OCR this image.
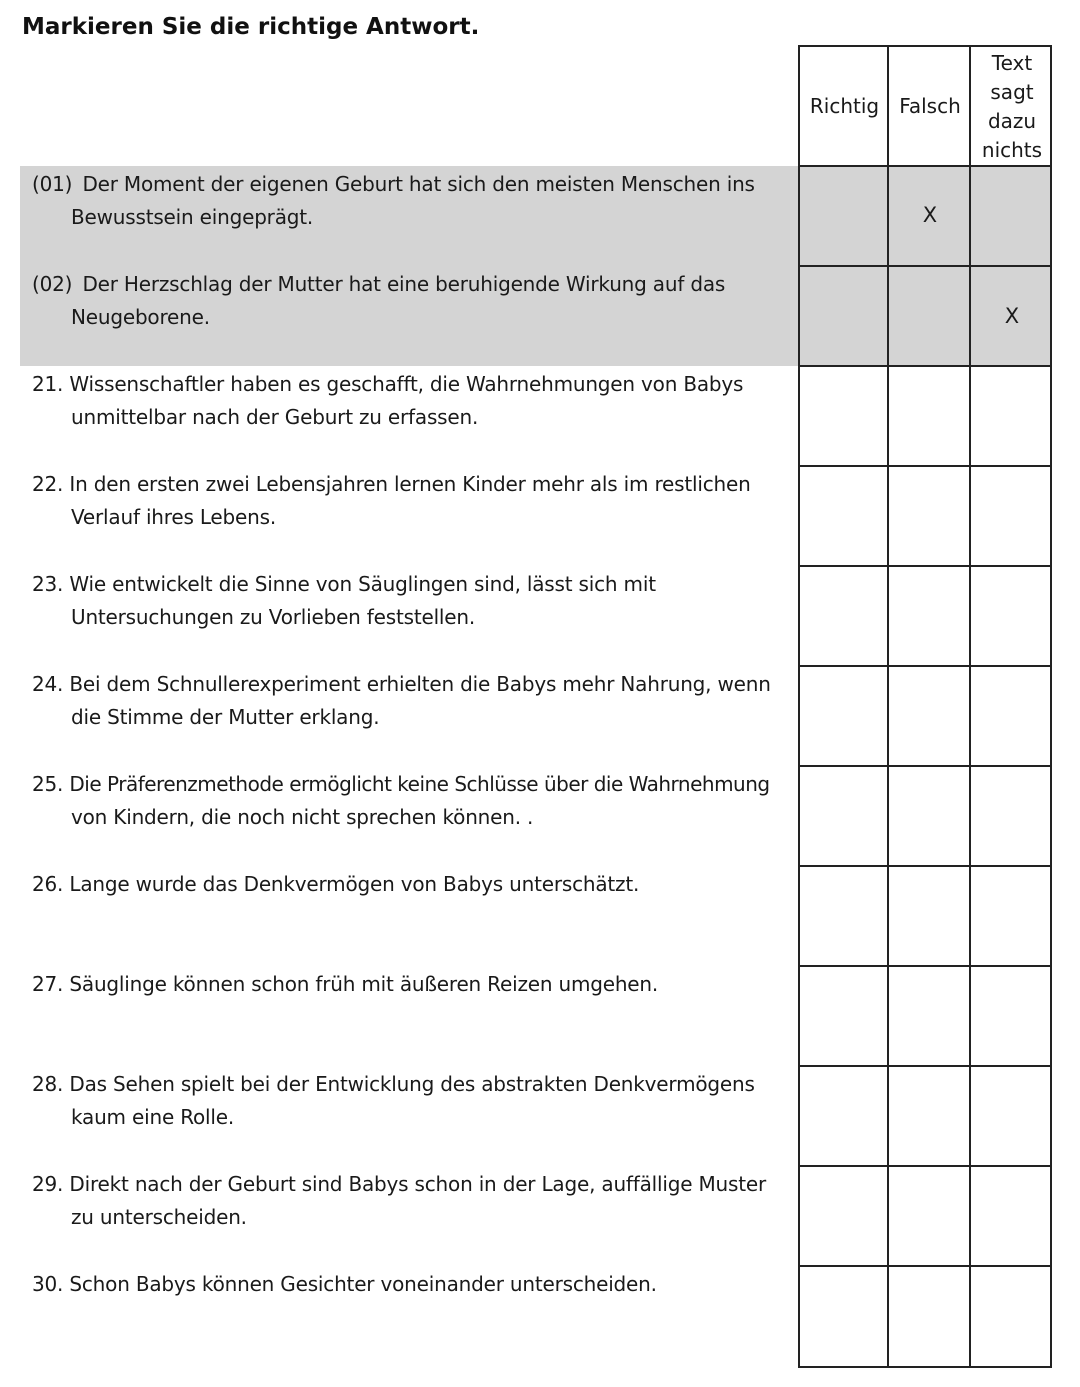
Markieren Sie die richtige Antwort.
Richtig Falsch
Text
sagt
dazu
nichts
(01) Der Moment der eigenen Geburt hat sich den meisten Menschen ins
Bewusstsein eingeprägt.
(02) Der Herzschlag der Mutter hat eine beruhigende Wirkung auf das
Neugeborene.
X
X
21. Wissenschaftler haben es geschafft, die Wahrnehmungen von Babys
unmittelbar nach der Geburt zu erfassen.
22. In den ersten zwei Lebensjahren lernen Kinder mehr als im restlichen
Verlauf ihres Lebens.
23. Wie entwickelt die Sinne von Säuglingen sind, lässt sich mit
Untersuchungen zu Vorlieben feststellen.
24. Bei dem Schnullerexperiment erhielten die Babys mehr Nahrung, wenn
die Stimme der Mutter erklang.
25. Die Präferenzmethode ermöglicht keine Schlüsse über die Wahrnehmung
von Kindern, die noch nicht sprechen können. .
26. Lange wurde das Denkvermögen von Babys unterschätzt.
27. Säuglinge können schon früh mit äußeren Reizen umgehen.
28. Das Sehen spielt bei der Entwicklung des abstrakten Denkvermögens
kaum eine Rolle.
29. Direkt nach der Geburt sind Babys schon in der Lage, auffällige Muster
zu unterscheiden.
30. Schon Babys können Gesichter voneinander unterscheiden.
